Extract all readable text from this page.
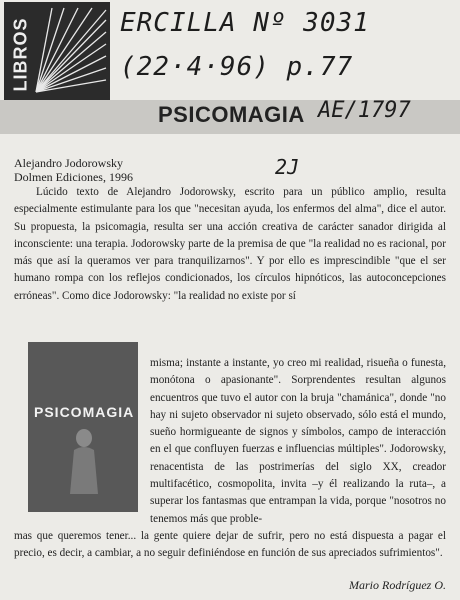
LIBROS	ERCILLA Nº 3031
(22·4·96) p.77
PSICOMAGIA AE/1797
2J
Alejandro Jodorowsky
Dolmen Ediciones, 1996
Lúcido texto de Alejandro Jodorowsky, escrito para un público amplio, resulta especialmente estimulante para los que "necesitan ayuda, los enfermos del alma", dice el autor. Su propuesta, la psicomagia, resulta ser una acción creativa de carácter sanador dirigida al inconsciente: una terapia. Jodorowsky parte de la premisa de que "la realidad no es racional, por más que así la queramos ver para tranquilizarnos". Y por ello es imprescindible "que el ser humano rompa con los reflejos condicionados, los círculos hipnóticos, las autoconcepciones erróneas". Como dice Jodorowsky: "la realidad no existe por sí
PSICOMAGIA
misma; instante a instante, yo creo mi realidad, risueña o funesta, monótona o apasionante". Sorprendentes resultan algunos encuentros que tuvo el autor con la bruja "chamánica", donde "no hay ni sujeto observador ni sujeto observado, sólo está el mundo, sueño hormigueante de signos y símbolos, campo de interacción en el que confluyen fuerzas e influencias múltiples". Jodorowsky, renacentista de las postrimerías del siglo XX, creador multifacético, cosmopolita, invita –y él realizando la ruta–, a superar los fantasmas que entrampan la vida, porque "nosotros no tenemos más que proble-
mas que queremos tener... la gente quiere dejar de sufrir, pero no está dispuesta a pagar el precio, es decir, a cambiar, a no seguir definiéndose en función de sus apreciados sufrimientos".
Mario Rodríguez O.
